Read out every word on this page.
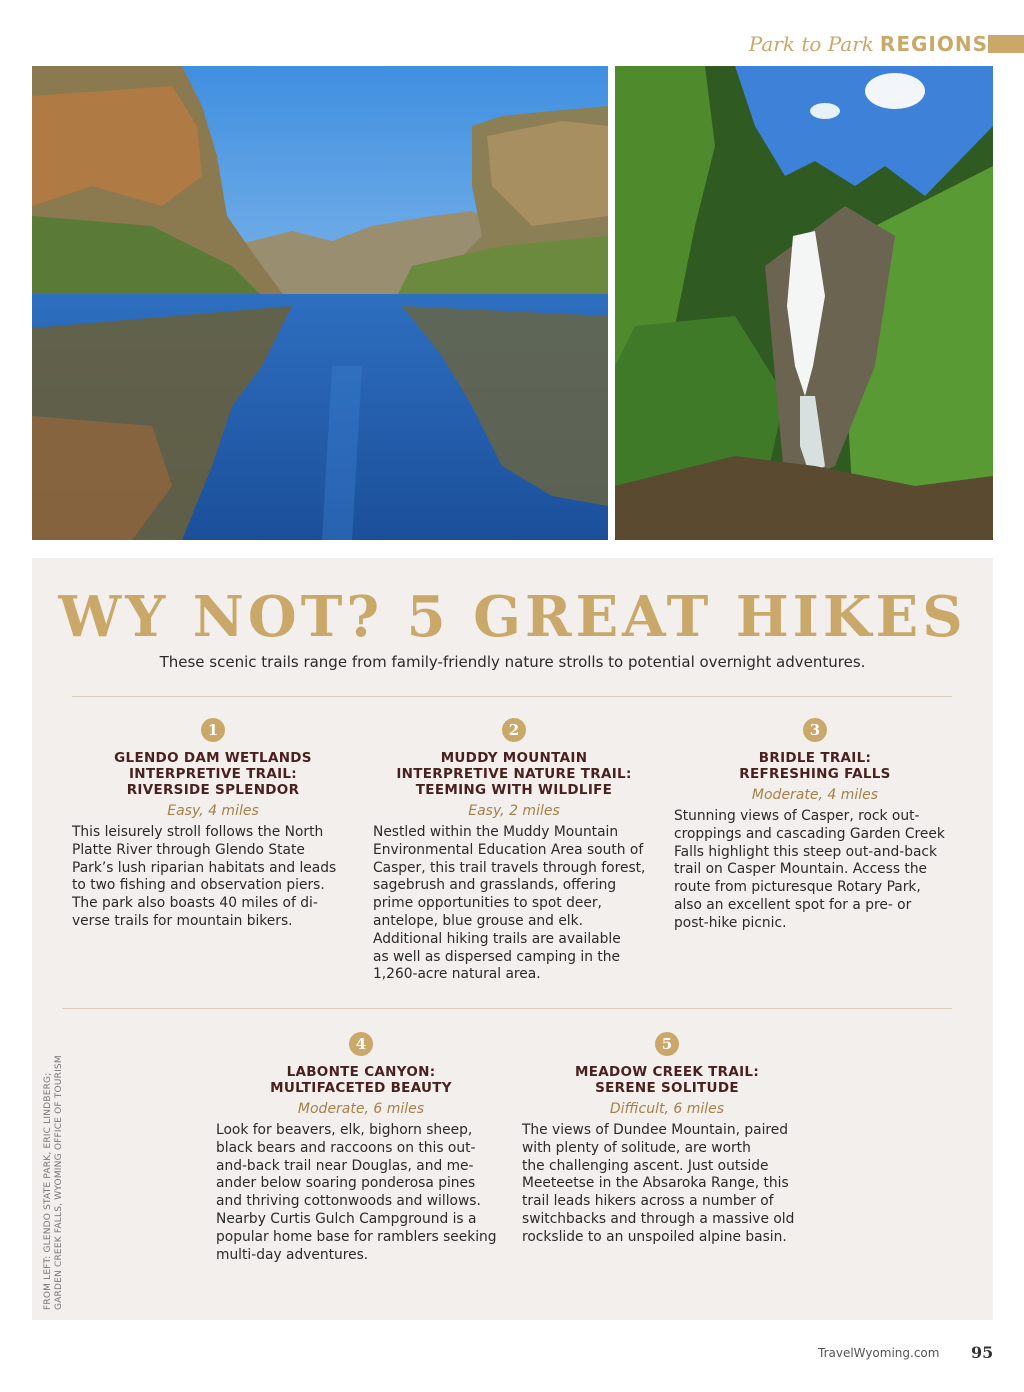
Park to Park REGIONS
WY NOT? 5 GREAT HIKES
These scenic trails range from family-friendly nature strolls to potential overnight adventures.
1
GLENDO DAM WETLANDS
INTERPRETIVE TRAIL:
RIVERSIDE SPLENDOR
Easy, 4 miles

This leisurely stroll follows the North
Platte River through Glendo State
Park’s lush riparian habitats and leads
to two fishing and observation piers.
The park also boasts 40 miles of di-
verse trails for mountain bikers.

2
MUDDY MOUNTAIN
INTERPRETIVE NATURE TRAIL:
TEEMING WITH WILDLIFE
Easy, 2 miles

Nestled within the Muddy Mountain
Environmental Education Area south of
Casper, this trail travels through forest,
sagebrush and grasslands, offering
prime opportunities to spot deer,
antelope, blue grouse and elk.
Additional hiking trails are available
as well as dispersed camping in the
1,260-acre natural area.

3
BRIDLE TRAIL:
REFRESHING FALLS
Moderate, 4 miles

Stunning views of Casper, rock out-
croppings and cascading Garden Creek
Falls highlight this steep out-and-back
trail on Casper Mountain. Access the
route from picturesque Rotary Park,
also an excellent spot for a pre- or
post-hike picnic.

4
LABONTE CANYON:
MULTIFACETED BEAUTY
Moderate, 6 miles

Look for beavers, elk, bighorn sheep,
black bears and raccoons on this out-
and-back trail near Douglas, and me-
ander below soaring ponderosa pines
and thriving cottonwoods and willows.
Nearby Curtis Gulch Campground is a
popular home base for ramblers seeking
multi-day adventures.

5
MEADOW CREEK TRAIL:
SERENE SOLITUDE
Difficult, 6 miles

The views of Dundee Mountain, paired
with plenty of solitude, are worth
the challenging ascent. Just outside
Meeteetse in the Absaroka Range, this
trail leads hikers across a number of
switchbacks and through a massive old
rockslide to an unspoiled alpine basin.

FROM LEFT: GLENDO STATE PARK, ERIC LINDBERG; GARDEN CREEK FALLS, WYOMING OFFICE OF TOURISM
TravelWyoming.com 95
